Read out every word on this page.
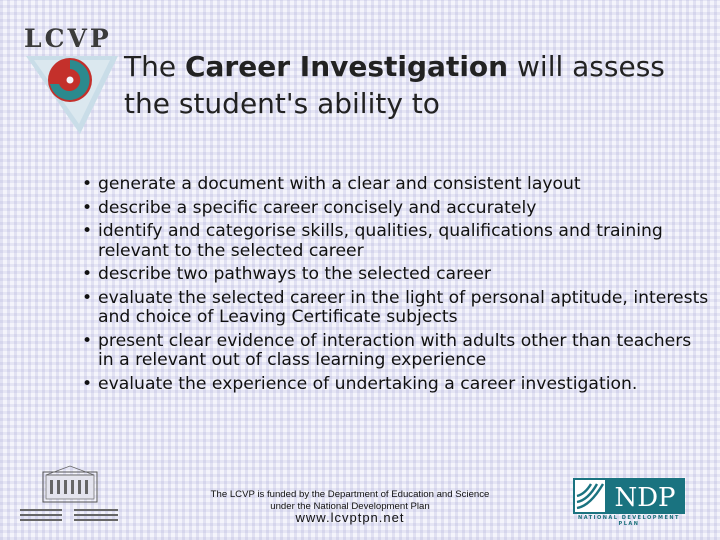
LCVP
The Career Investigation will assess the student's ability to
• generate a document with a clear and consistent layout
• describe a specific career concisely and accurately
• identify and categorise skills, qualities, qualifications and training relevant to the selected career
• describe two pathways to the selected career
• evaluate the selected career in the light of personal aptitude, interests and choice of Leaving Certificate subjects
• present clear evidence of interaction with adults other than teachers in a relevant out of class learning experience
• evaluate the experience of undertaking a career investigation.
The LCVP is funded by the Department of Education and Science
under the National Development Plan
www.lcvptpn.net
NDP
NATIONAL DEVELOPMENT PLAN
